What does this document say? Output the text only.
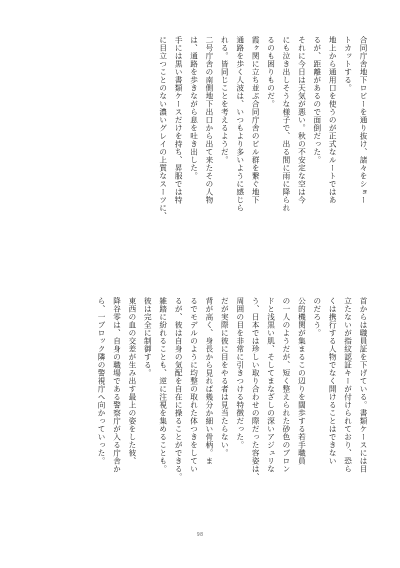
合同庁舎地下ロビーを通り抜け、諸々をショー
トカットする。
地上から通用口を使うのが正式なルートではあ
るが、距離があるので面倒だった。
それに今日は天気が悪い。秋の不安定な空は今
にも泣き出しそうな様子で、出る間に雨に降られ
るのも困りものだ。
霞ヶ関に立ち並ぶ合同庁舎のビル群を繋ぐ地下
通路を歩く人波は、いつもより多いように感じら
れる。皆同じことを考えるようだ。
二号庁舎の南側地下出口から出て来たその人物
は、通路を歩きながら息を吐き出した。
手には黒い書類ケースだけを持ち、昇服では特
に目立つことのない濃いグレイの上質なスーツに、
首からは職員証を下げている。書類ケースには目
立たないが指紋認証キーが付けられており、恐ら
くは携行する人物でなく開けることはできない
のだろう。
公的機関が集まるこの辺りを闊歩する若手職員
の一人のようだが、短く整えられた砂色のブロン
ドと浅黒い肌、そしてまなざしの深いアジュリな
う、日本では珍しい取り合わせの際だった容姿は、
周囲の目を非常に引きつける特徴だった。
だが実際に彼に目をやる者は見当たらない。
背が高く、身長から見れば幾分か細い骨柄。ま
るでモデルのように均整の取れた体つきをしてい
るが、彼は自身の気配を自在に操ることができる。
雑踏に紛れることも、逆に注視を集めることも。
彼は完全に制御する。
東西の血の交差が生み出す最上の姿をした彼、
降谷零は、自身の職場である警察庁が入る庁舎か
ら、一ブロック隣の警視庁へ向かっていった。
98
